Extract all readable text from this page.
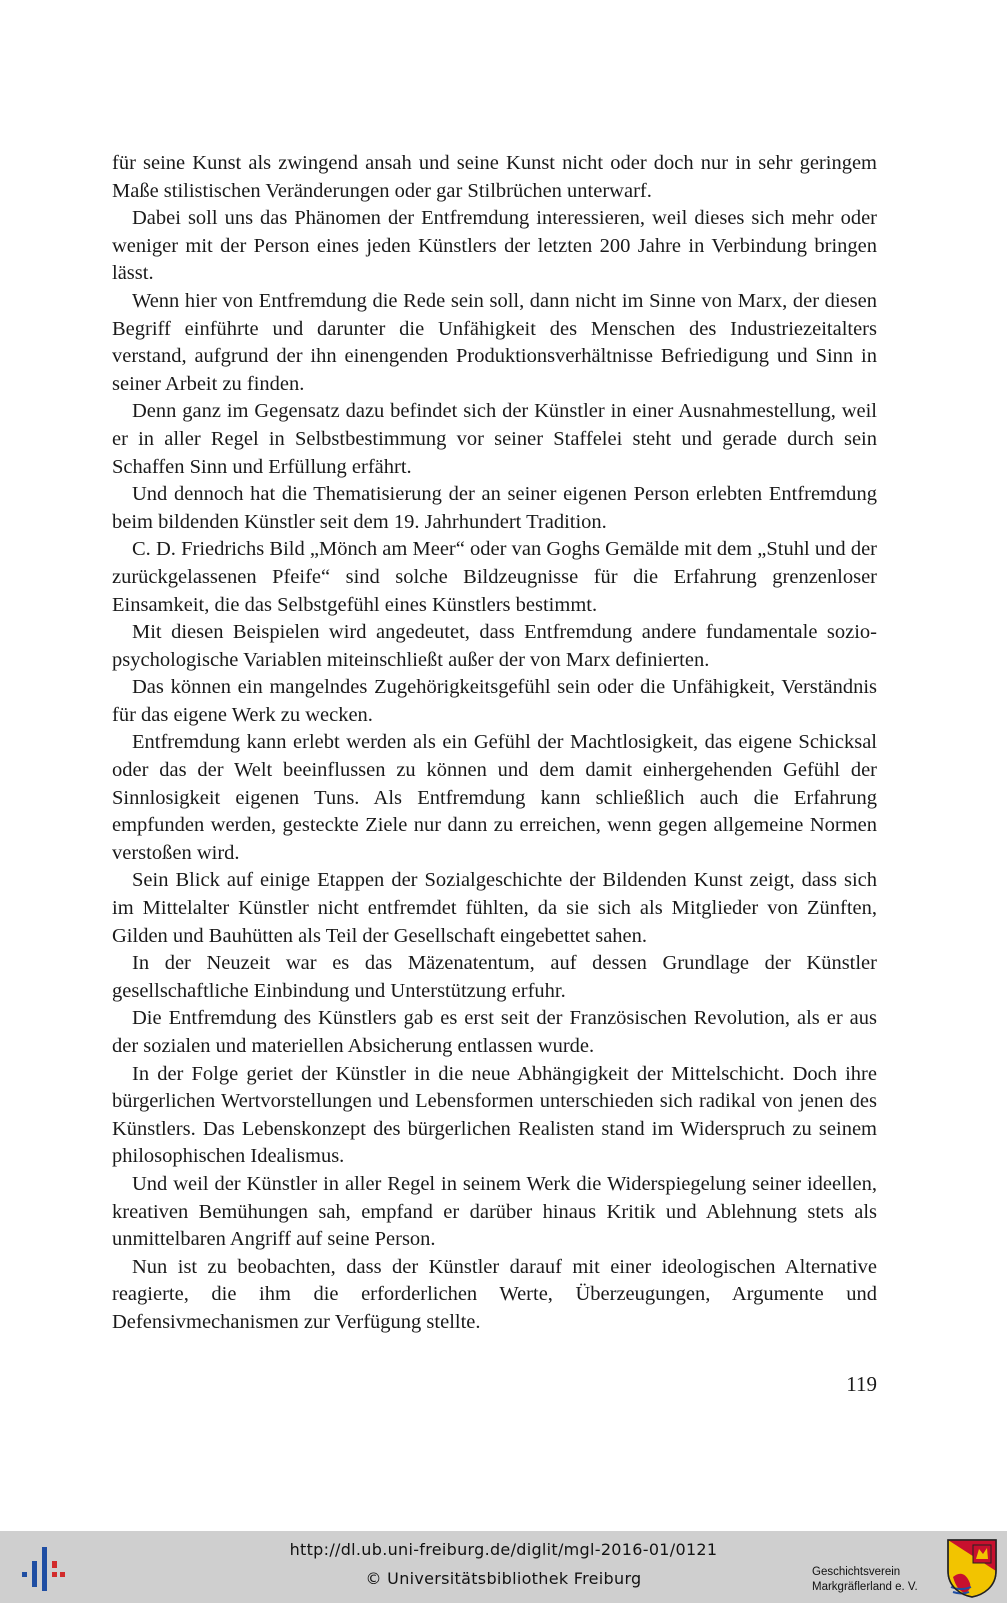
für seine Kunst als zwingend ansah und seine Kunst nicht oder doch nur in sehr geringem Maße stilistischen Veränderungen oder gar Stilbrüchen unterwarf.

Dabei soll uns das Phänomen der Entfremdung interessieren, weil dieses sich mehr oder weniger mit der Person eines jeden Künstlers der letzten 200 Jahre in Verbindung bringen lässt.

Wenn hier von Entfremdung die Rede sein soll, dann nicht im Sinne von Marx, der diesen Begriff einführte und darunter die Unfähigkeit des Menschen des Industriezeitalters verstand, aufgrund der ihn einengenden Produktionsverhältnisse Befriedigung und Sinn in seiner Arbeit zu finden.

Denn ganz im Gegensatz dazu befindet sich der Künstler in einer Ausnahmestellung, weil er in aller Regel in Selbstbestimmung vor seiner Staffelei steht und gerade durch sein Schaffen Sinn und Erfüllung erfährt.

Und dennoch hat die Thematisierung der an seiner eigenen Person erlebten Entfremdung beim bildenden Künstler seit dem 19. Jahrhundert Tradition.

C. D. Friedrichs Bild „Mönch am Meer“ oder van Goghs Gemälde mit dem „Stuhl und der zurückgelassenen Pfeife“ sind solche Bildzeugnisse für die Erfahrung grenzenloser Einsamkeit, die das Selbstgefühl eines Künstlers bestimmt.

Mit diesen Beispielen wird angedeutet, dass Entfremdung andere fundamentale sozio-psychologische Variablen miteinschließt außer der von Marx definierten.

Das können ein mangelndes Zugehörigkeitsgefühl sein oder die Unfähigkeit, Verständnis für das eigene Werk zu wecken.

Entfremdung kann erlebt werden als ein Gefühl der Machtlosigkeit, das eigene Schicksal oder das der Welt beeinflussen zu können und dem damit einhergehenden Gefühl der Sinnlosigkeit eigenen Tuns. Als Entfremdung kann schließlich auch die Erfahrung empfunden werden, gesteckte Ziele nur dann zu erreichen, wenn gegen allgemeine Normen verstoßen wird.

Sein Blick auf einige Etappen der Sozialgeschichte der Bildenden Kunst zeigt, dass sich im Mittelalter Künstler nicht entfremdet fühlten, da sie sich als Mitglieder von Zünften, Gilden und Bauhütten als Teil der Gesellschaft eingebettet sahen.

In der Neuzeit war es das Mäzenatentum, auf dessen Grundlage der Künstler gesellschaftliche Einbindung und Unterstützung erfuhr.

Die Entfremdung des Künstlers gab es erst seit der Französischen Revolution, als er aus der sozialen und materiellen Absicherung entlassen wurde.

In der Folge geriet der Künstler in die neue Abhängigkeit der Mittelschicht. Doch ihre bürgerlichen Wertvorstellungen und Lebensformen unterschieden sich radikal von jenen des Künstlers. Das Lebenskonzept des bürgerlichen Realisten stand im Widerspruch zu seinem philosophischen Idealismus.

Und weil der Künstler in aller Regel in seinem Werk die Widerspiegelung seiner ideellen, kreativen Bemühungen sah, empfand er darüber hinaus Kritik und Ablehnung stets als unmittelbaren Angriff auf seine Person.

Nun ist zu beobachten, dass der Künstler darauf mit einer ideologischen Alternative reagierte, die ihm die erforderlichen Werte, Überzeugungen, Argumente und Defensivmechanismen zur Verfügung stellte.

119
http://dl.ub.uni-freiburg.de/diglit/mgl-2016-01/0121
© Universitätsbibliothek Freiburg	Geschichtsverein
Markgräflerland e. V.
